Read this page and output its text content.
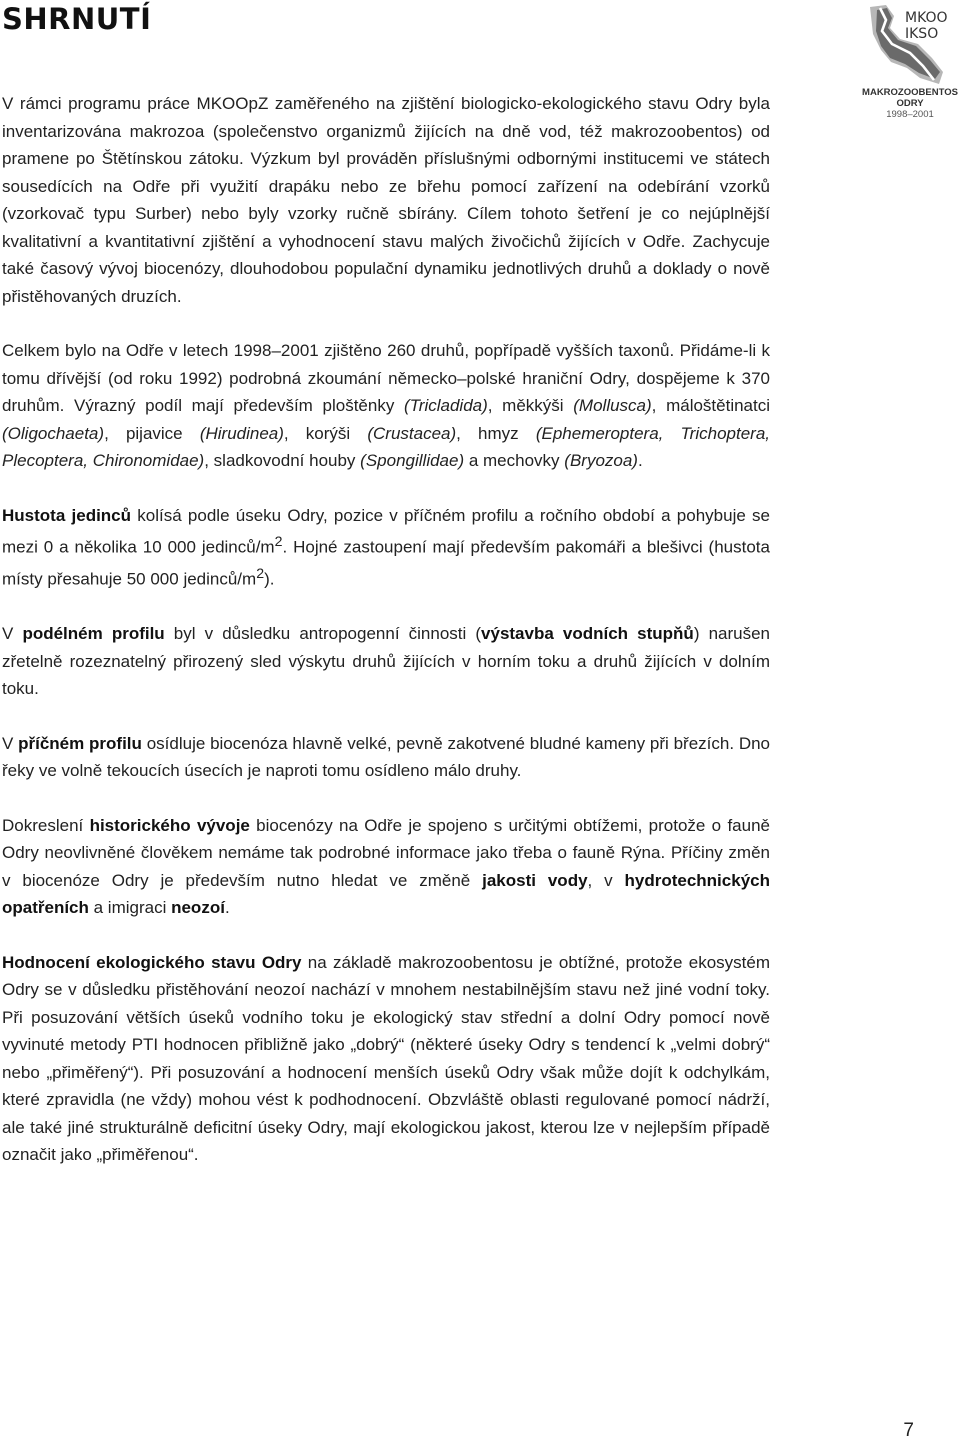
SHRNUTÍ	MKOO
IKSO
MAKROZOOBENTOS
ODRY
1998–2001

V rámci programu práce MKOOpZ zaměřeného na zjištění biologicko-ekologického stavu Odry byla inventarizována makrozoa (společenstvo organizmů žijících na dně vod, též makrozoobentos) od pramene po Štětínskou zátoku. Výzkum byl prováděn příslušnými odbornými institucemi ve státech sousedících na Odře při využití drapáku nebo ze břehu pomocí zařízení na odebírání vzorků (vzorkovač typu Surber) nebo byly vzorky ručně sbírány. Cílem tohoto šetření je co nejúplnější kvalitativní a kvantitativní zjištění a vyhodnocení stavu malých živočichů žijících v Odře. Zachycuje také časový vývoj biocenózy, dlouhodobou populační dynamiku jednotlivých druhů a doklady o nově přistěhovaných druzích.

Celkem bylo na Odře v letech 1998–2001 zjištěno 260 druhů, popřípadě vyšších taxonů. Přidáme-li k tomu dřívější (od roku 1992) podrobná zkoumání německo–polské hraniční Odry, dospějeme k 370 druhům. Výrazný podíl mají především ploštěnky (Tricladida), měkkýši (Mollusca), máloštětinatci (Oligochaeta), pijavice (Hirudinea), korýši (Crustacea), hmyz (Ephemeroptera, Trichoptera, Plecoptera, Chironomidae), sladkovodní houby (Spongillidae) a mechovky (Bryozoa).

Hustota jedinců kolísá podle úseku Odry, pozice v příčném profilu a ročního období a pohybuje se mezi 0 a několika 10 000 jedinců/$m^2$. Hojné zastoupení mají především pakomáři a blešivci (hustota místy přesahuje 50 000 jedinců/$m^2$).

V podélném profilu byl v důsledku antropogenní činnosti (výstavba vodních stupňů) narušen zřetelně rozeznatelný přirozený sled výskytu druhů žijících v horním toku a druhů žijících v dolním toku.

V příčném profilu osídluje biocenóza hlavně velké, pevně zakotvené bludné kameny při březích. Dno řeky ve volně tekoucích úsecích je naproti tomu osídleno málo druhy.

Dokreslení historického vývoje biocenózy na Odře je spojeno s určitými obtížemi, protože o fauně Odry neovlivněné člověkem nemáme tak podrobné informace jako třeba o fauně Rýna. Příčiny změn v biocenóze Odry je především nutno hledat ve změně jakosti vody, v hydrotechnických opatřeních a imigraci neozoí.

Hodnocení ekologického stavu Odry na základě makrozoobentosu je obtížné, protože ekosystém Odry se v důsledku přistěhování neozoí nachází v mnohem nestabilnějším stavu než jiné vodní toky. Při posuzování větších úseků vodního toku je ekologický stav střední a dolní Odry pomocí nově vyvinuté metody PTI hodnocen přibližně jako „dobrý“ (některé úseky Odry s tendencí k „velmi dobrý“ nebo „přiměřený“). Při posuzování a hodnocení menších úseků Odry však může dojít k odchylkám, které zpravidla (ne vždy) mohou vést k podhodnocení. Obzvláště oblasti regulované pomocí nádrží, ale také jiné strukturálně deficitní úseky Odry, mají ekologickou jakost, kterou lze v nejlepším případě označit jako „přiměřenou“.

7
